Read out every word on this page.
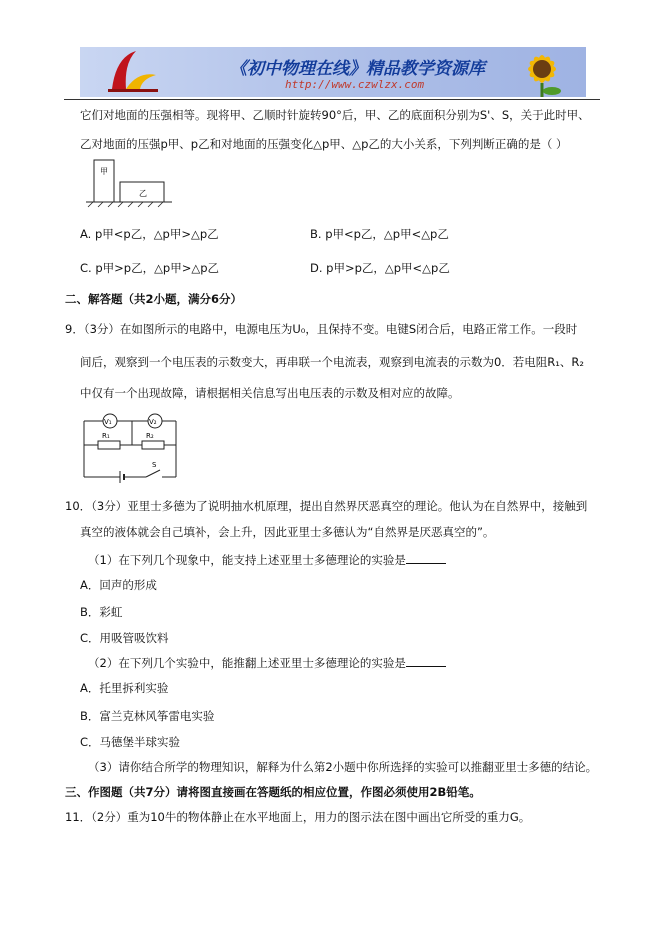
《初中物理在线》精品教学资源库
http://www.czwlzx.com
它们对地面的压强相等。现将甲、乙顺时针旋转90°后，甲、乙的底面积分别为S'、S，关于此时甲、
乙对地面的压强p甲、p乙和对地面的压强变化△p甲、△p乙的大小关系，下列判断正确的是（ ）
甲
乙
A. p甲<p乙，△p甲>△p乙	B. p甲<p乙，△p甲<△p乙
C. p甲>p乙，△p甲>△p乙	D. p甲>p乙，△p甲<△p乙
二、解答题（共2小题，满分6分）
9．（3分）在如图所示的电路中，电源电压为U₀，且保持不变。电键S闭合后，电路正常工作。一段时
间后，观察到一个电压表的示数变大，再串联一个电流表，观察到电流表的示数为0．若电阻R₁、R₂
中仅有一个出现故障，请根据相关信息写出电压表的示数及相对应的故障。
V₁	V₂
R₁	R₂
S
10．（3分）亚里士多德为了说明抽水机原理，提出自然界厌恶真空的理论。他认为在自然界中，接触到
真空的液体就会自己填补，会上升，因此亚里士多德认为“自然界是厌恶真空的”。
（1）在下列几个现象中，能支持上述亚里士多德理论的实验是
A．回声的形成
B．彩虹
C．用吸管吸饮料
（2）在下列几个实验中，能推翻上述亚里士多德理论的实验是
A．托里拆利实验
B．富兰克林风筝雷电实验
C．马德堡半球实验
（3）请你结合所学的物理知识，解释为什么第2小题中你所选择的实验可以推翻亚里士多德的结论。
三、作图题（共7分）请将图直接画在答题纸的相应位置，作图必须使用2B铅笔。
11．（2分）重为10牛的物体静止在水平地面上，用力的图示法在图中画出它所受的重力G。
